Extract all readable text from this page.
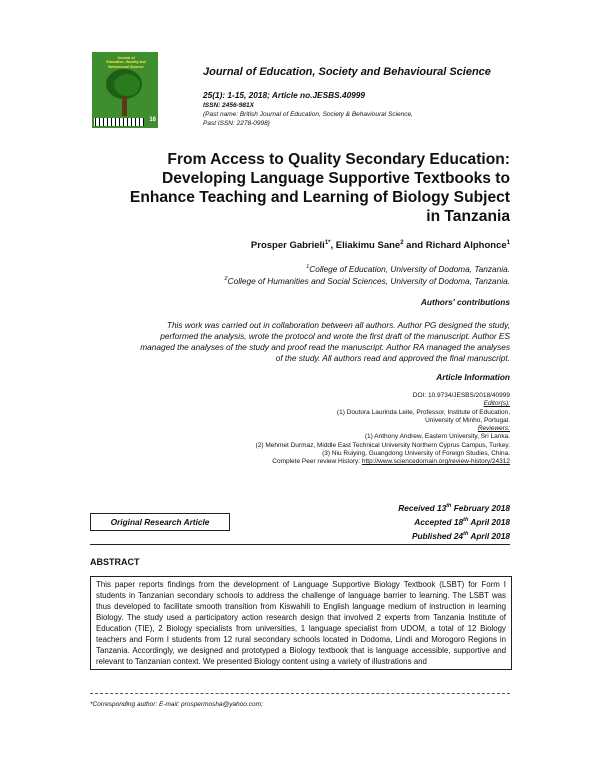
Journal of
Education, Society and
Behavioural Science
16
Journal of Education, Society and Behavioural Science
25(1): 1-15, 2018; Article no.JESBS.40999
ISSN: 2456-981X
(Past name: British Journal of Education, Society & Behavioural Science,
Past ISSN: 2278-0998)
From Access to Quality Secondary Education:
Developing Language Supportive Textbooks to
Enhance Teaching and Learning of Biology Subject
in Tanzania
Prosper Gabrieli$^{1*}$, Eliakimu Sane$^2$ and Richard Alphonce$^1$
$^1$College of Education, University of Dodoma, Tanzania.
$^2$College of Humanities and Social Sciences, University of Dodoma, Tanzania.
Authors' contributions
This work was carried out in collaboration between all authors. Author PG designed the study,
performed the analysis, wrote the protocol and wrote the first draft of the manuscript. Author ES
managed the analyses of the study and proof read the manuscript. Author RA managed the analyses
of the study. All authors read and approved the final manuscript.
Article Information
DOI: 10.9734/JESBS/2018/40999
Editor(s):
(1) Doutora Laurinda Leite, Professor, Institute of Education,
University of Minho, Portugal.
Reviewers:
(1) Anthony Andrew, Eastern University, Sri Lanka.
(2) Mehmet Durmaz, Middle East Technical University Northern Cyprus Campus, Turkey.
(3) Niu Ruiying, Guangdong University of Foreign Studies, China.
Complete Peer review History: http://www.sciencedomain.org/review-history/24312
Received 13th February 2018
Accepted 18th April 2018
Published 24th April 2018
Original Research Article
ABSTRACT
This paper reports findings from the development of Language Supportive Biology Textbook (LSBT) for Form I students in Tanzanian secondary schools to address the challenge of language barrier to learning. The LSBT was thus developed to facilitate smooth transition from Kiswahili to English language medium of instruction in learning Biology. The study used a participatory action research design that involved 2 experts from Tanzania Institute of Education (TIE), 2 Biology specialists from universities, 1 language specialist from UDOM, a total of 12 Biology teachers and Form I students from 12 rural secondary schools located in Dodoma, Lindi and Morogoro Regions in Tanzania. Accordingly, we designed and prototyped a Biology textbook that is language accessible, supportive and relevant to Tanzanian context. We presented Biology content using a variety of illustrations and
*Corresponding author: E-mail: prospermosha@yahoo.com;
